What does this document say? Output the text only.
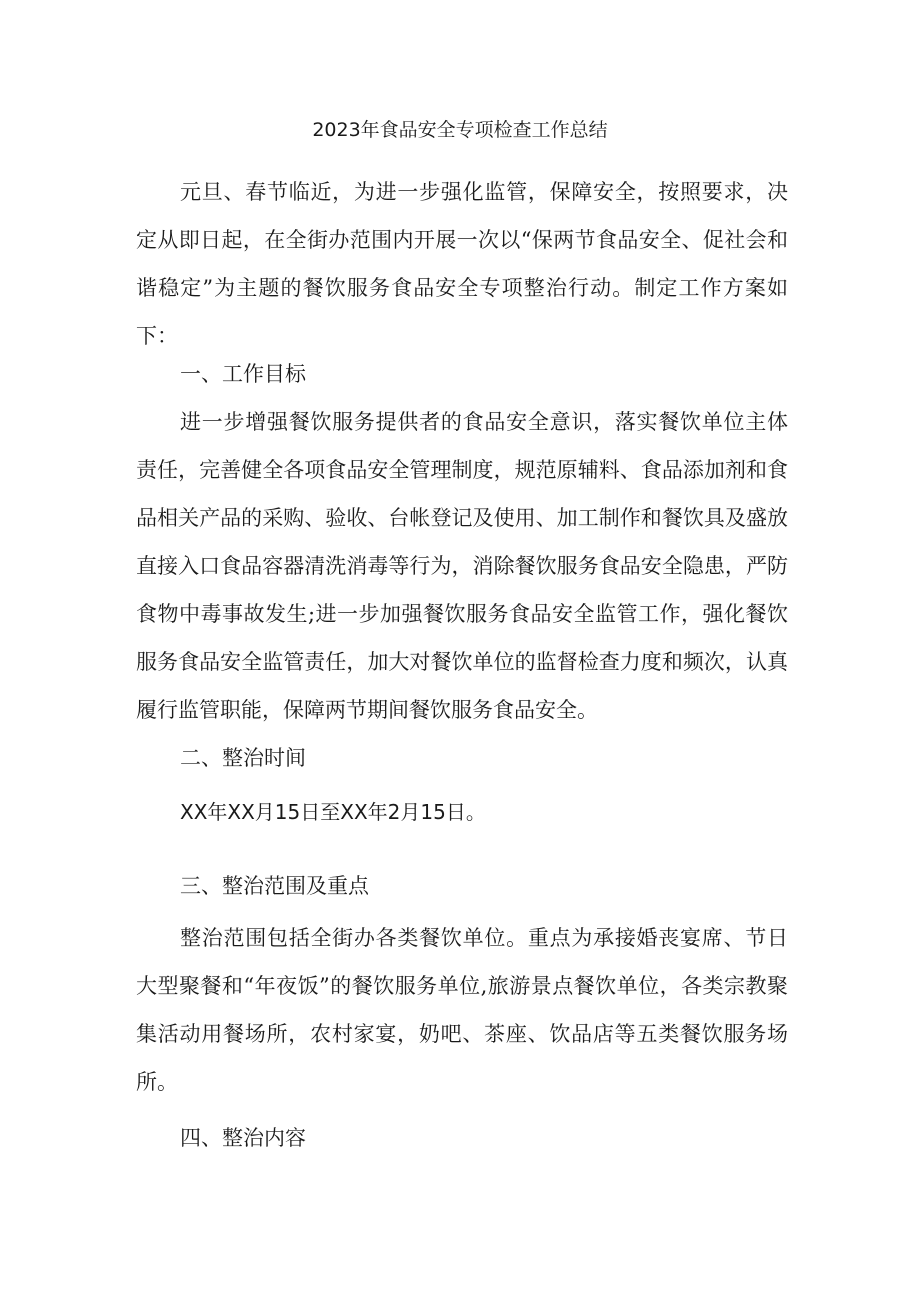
2023年食品安全专项检查工作总结
元旦、春节临近，为进一步强化监管，保障安全，按照要求，决定从即日起，在全街办范围内开展一次以“保两节食品安全、促社会和谐稳定”为主题的餐饮服务食品安全专项整治行动。制定工作方案如下：
一、工作目标
进一步增强餐饮服务提供者的食品安全意识，落实餐饮单位主体责任，完善健全各项食品安全管理制度，规范原辅料、食品添加剂和食品相关产品的采购、验收、台帐登记及使用、加工制作和餐饮具及盛放直接入口食品容器清洗消毒等行为，消除餐饮服务食品安全隐患，严防食物中毒事故发生;进一步加强餐饮服务食品安全监管工作，强化餐饮服务食品安全监管责任，加大对餐饮单位的监督检查力度和频次，认真履行监管职能，保障两节期间餐饮服务食品安全。
二、整治时间
XX年XX月15日至XX年2月15日。
三、整治范围及重点
整治范围包括全街办各类餐饮单位。重点为承接婚丧宴席、节日大型聚餐和“年夜饭”的餐饮服务单位,旅游景点餐饮单位，各类宗教聚集活动用餐场所，农村家宴，奶吧、茶座、饮品店等五类餐饮服务场所。
四、整治内容
